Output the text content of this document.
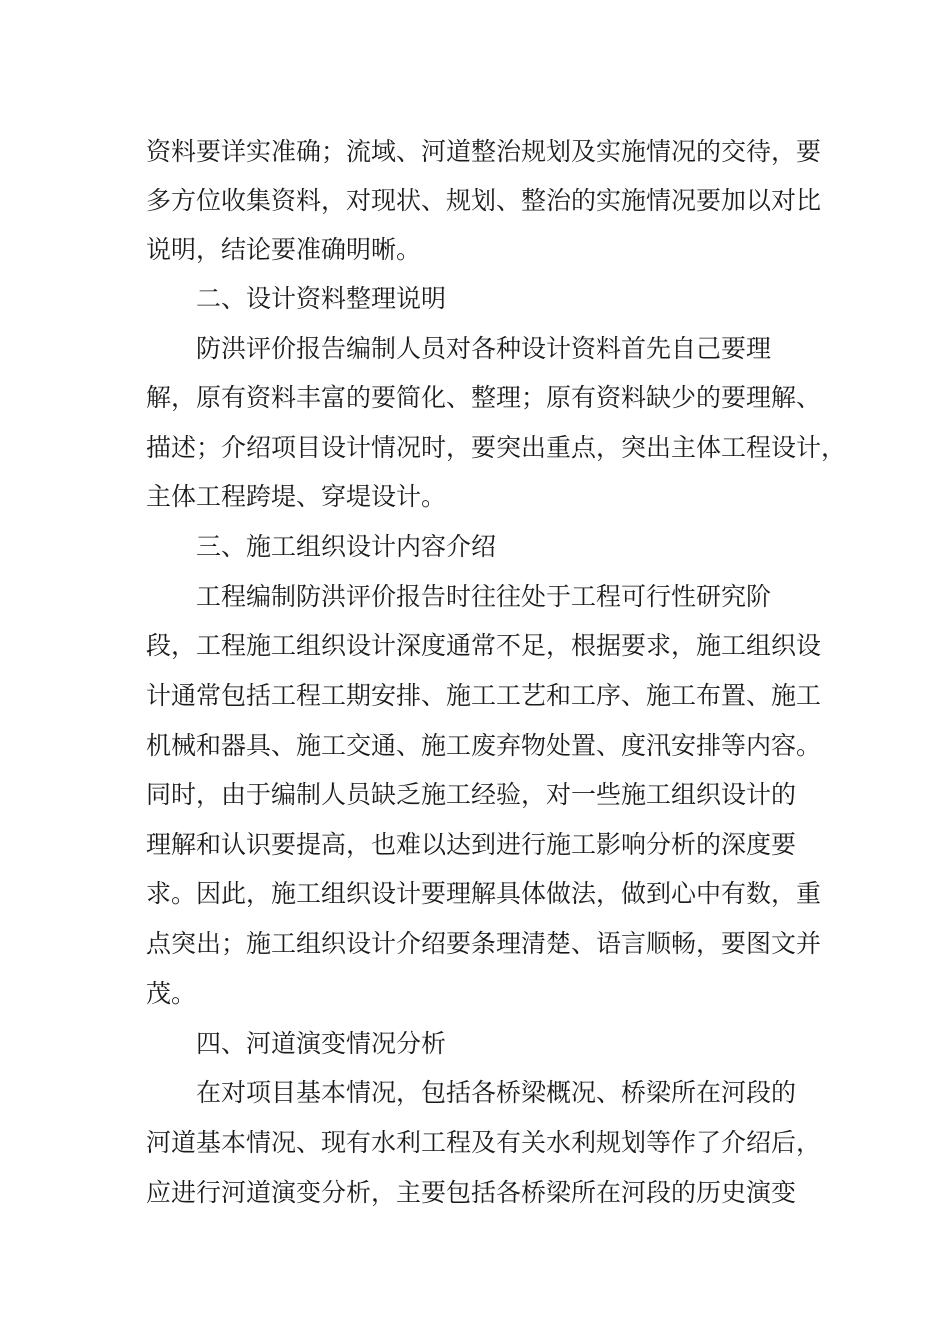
资料要详实准确；流域、河道整治规划及实施情况的交待，要
多方位收集资料，对现状、规划、整治的实施情况要加以对比
说明，结论要准确明晰。
二、设计资料整理说明
防洪评价报告编制人员对各种设计资料首先自己要理
解，原有资料丰富的要简化、整理；原有资料缺少的要理解、
描述；介绍项目设计情况时，要突出重点，突出主体工程设计，
主体工程跨堤、穿堤设计。
三、施工组织设计内容介绍
工程编制防洪评价报告时往往处于工程可行性研究阶
段，工程施工组织设计深度通常不足，根据要求，施工组织设
计通常包括工程工期安排、施工工艺和工序、施工布置、施工
机械和器具、施工交通、施工废弃物处置、度汛安排等内容。
同时，由于编制人员缺乏施工经验，对一些施工组织设计的
理解和认识要提高，也难以达到进行施工影响分析的深度要
求。因此，施工组织设计要理解具体做法，做到心中有数，重
点突出；施工组织设计介绍要条理清楚、语言顺畅，要图文并
茂。
四、河道演变情况分析
在对项目基本情况，包括各桥梁概况、桥梁所在河段的
河道基本情况、现有水利工程及有关水利规划等作了介绍后，
应进行河道演变分析，主要包括各桥梁所在河段的历史演变
